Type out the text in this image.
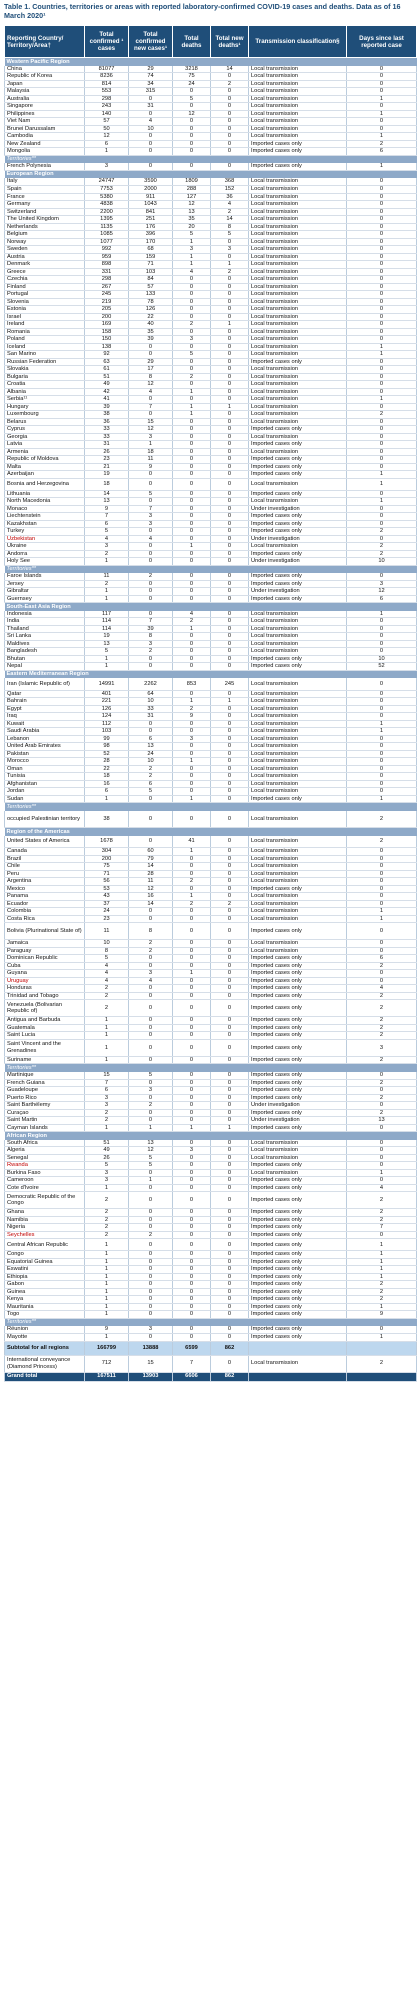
Table 1. Countries, territories or areas with reported laboratory-confirmed COVID-19 cases and deaths. Data as of 16 March 2020¹
Reporting Country/ Territory/Area†	Total confirmed ¹ cases	Total confirmed new cases¹	Total deaths	Total new deaths¹	Transmission classification§	Days since last reported case
Western Pacific Region						
China	81077	29	3218	14	Local transmission	0
Republic of Korea	8236	74	75	0	Local transmission	0
Japan	814	34	24	2	Local transmission	0
Malaysia	553	315	0	0	Local transmission	0
Australia	298	0	5	0	Local transmission	1
Singapore	243	31	0	0	Local transmission	0
Philippines	140	0	12	0	Local transmission	1
Viet Nam	57	4	0	0	Local transmission	0
Brunei Darussalam	50	10	0	0	Local transmission	0
Cambodia	12	0	0	0	Local transmission	1
New Zealand	6	0	0	0	Imported cases only	2
Mongolia	1	0	0	0	Imported cases only	6
Territories**						
French Polynesia	3	0	0	0	Imported cases only	1
European Region						
Italy	24747	3590	1809	368	Local transmission	0
Spain	7753	2000	288	152	Local transmission	0
France	5380	911	127	36	Local transmission	0
Germany	4838	1043	12	4	Local transmission	0
Switzerland	2200	841	13	2	Local transmission	0
The United Kingdom	1395	251	35	14	Local transmission	0
Netherlands	1135	176	20	8	Local transmission	0
Belgium	1085	396	5	5	Local transmission	0
Norway	1077	170	1	0	Local transmission	0
Sweden	992	68	3	3	Local transmission	0
Austria	959	159	1	0	Local transmission	0
Denmark	898	71	1	1	Local transmission	0
Greece	331	103	4	2	Local transmission	0
Czechia	298	84	0	0	Local transmission	0
Finland	267	57	0	0	Local transmission	0
Portugal	245	133	0	0	Local transmission	0
Slovenia	219	78	0	0	Local transmission	0
Estonia	205	126	0	0	Local transmission	0
Israel	200	22	0	0	Local transmission	0
Ireland	169	40	2	1	Local transmission	0
Romania	158	35	0	0	Local transmission	0
Poland	150	39	3	0	Local transmission	0
Iceland	138	0	0	0	Local transmission	1
San Marino	92	0	5	0	Local transmission	1
Russian Federation	63	29	0	0	Imported cases only	0
Slovakia	61	17	0	0	Local transmission	0
Bulgaria	51	8	2	0	Local transmission	0
Croatia	49	12	0	0	Local transmission	0
Albania	42	4	1	0	Local transmission	0
Serbia¹¹	41	0	0	0	Local transmission	1
Hungary	39	7	1	1	Local transmission	0
Luxembourg	38	0	1	0	Local transmission	2
Belarus	36	15	0	0	Local transmission	0
Cyprus	33	12	0	0	Imported cases only	0
Georgia	33	3	0	0	Local transmission	0
Latvia	31	1	0	0	Imported cases only	0
Armenia	26	18	0	0	Local transmission	0
Republic of Moldova	23	11	0	0	Imported cases only	0
Malta	21	9	0	0	Imported cases only	0
Azerbaijan	19	0	0	0	Imported cases only	1
Bosnia and Herzegovina	18	0	0	0	Local transmission	1
Lithuania	14	5	0	0	Imported cases only	0
North Macedonia	13	0	0	0	Local transmission	1
Monaco	9	7	0	0	Under investigation	0
Liechtenstein	7	3	0	0	Imported cases only	0
Kazakhstan	6	3	0	0	Imported cases only	0
Turkey	5	0	0	0	Imported cases only	2
Uzbekistan	4	4	0	0	Under investigation	0
Ukraine	3	0	1	0	Local transmission	2
Andorra	2	0	0	0	Imported cases only	2
Holy See	1	0	0	0	Under investigation	10
Territories**						
Faroe Islands	11	2	0	0	Imported cases only	0
Jersey	2	0	0	0	Imported cases only	3
Gibraltar	1	0	0	0	Under investigation	12
Guernsey	1	0	0	0	Imported cases only	6
South-East Asia Region						
Indonesia	117	0	4	0	Local transmission	1
India	114	7	2	0	Local transmission	0
Thailand	114	39	1	0	Local transmission	0
Sri Lanka	19	8	0	0	Local transmission	0
Maldives	13	3	0	0	Local transmission	0
Bangladesh	5	2	0	0	Local transmission	0
Bhutan	1	0	0	0	Imported cases only	10
Nepal	1	0	0	0	Imported cases only	52
Eastern Mediterranean Region						
Iran (Islamic Republic of)	14991	2262	853	245	Local transmission	0
Qatar	401	64	0	0	Local transmission	0
Bahrain	221	10	1	1	Local transmission	0
Egypt	126	33	2	0	Local transmission	0
Iraq	124	31	9	0	Local transmission	0
Kuwait	112	0	0	0	Local transmission	1
Saudi Arabia	103	0	0	0	Local transmission	1
Lebanon	99	6	3	0	Local transmission	0
United Arab Emirates	98	13	0	0	Local transmission	0
Pakistan	52	24	0	0	Local transmission	0
Morocco	28	10	1	0	Local transmission	0
Oman	22	2	0	0	Local transmission	0
Tunisia	18	2	0	0	Local transmission	0
Afghanistan	16	6	0	0	Local transmission	0
Jordan	6	5	0	0	Local transmission	0
Sudan	1	0	1	0	Imported cases only	1
Territories**						
occupied Palestinian territory	38	0	0	0	Local transmission	2
Region of the Americas						
United States of America	1678	0	41	0	Local transmission	2
Canada	304	60	1	0	Local transmission	0
Brazil	200	79	0	0	Local transmission	0
Chile	75	14	0	0	Local transmission	0
Peru	71	28	0	0	Local transmission	0
Argentina	56	11	2	0	Local transmission	0
Mexico	53	12	0	0	Imported cases only	0
Panama	43	16	1	0	Local transmission	0
Ecuador	37	14	2	2	Local transmission	0
Colombia	24	0	0	0	Local transmission	1
Costa Rica	23	0	0	0	Local transmission	1
Bolivia (Plurinational State of)	11	8	0	0	Imported cases only	0
Jamaica	10	2	0	0	Local transmission	0
Paraguay	8	2	0	0	Local transmission	0
Dominican Republic	5	0	0	0	Imported cases only	6
Cuba	4	0	0	0	Imported cases only	2
Guyana	4	3	1	0	Imported cases only	0
Uruguay	4	4	0	0	Imported cases only	0
Honduras	2	0	0	0	Imported cases only	4
Trinidad and Tobago	2	0	0	0	Imported cases only	2
Venezuela (Bolivarian Republic of)	2	0	0	0	Imported cases only	2
Antigua and Barbuda	1	0	0	0	Imported cases only	2
Guatemala	1	0	0	0	Imported cases only	2
Saint Lucia	1	0	0	0	Imported cases only	2
Saint Vincent and the Grenadines	1	0	0	0	Imported cases only	3
Suriname	1	0	0	0	Imported cases only	2
Territories**						
Martinique	15	5	0	0	Imported cases only	0
French Guiana	7	0	0	0	Imported cases only	2
Guadeloupe	6	3	0	0	Imported cases only	0
Puerto Rico	3	0	0	0	Imported cases only	2
Saint Barthélemy	3	2	0	0	Under investigation	0
Curaçao	2	0	0	0	Imported cases only	2
Saint Martin	2	0	0	0	Under investigation	13
Cayman Islands	1	1	1	1	Imported cases only	0
African Region						
South Africa	51	13	0	0	Local transmission	0
Algeria	49	12	3	0	Local transmission	0
Senegal	26	5	0	0	Local transmission	0
Rwanda	5	5	0	0	Imported cases only	0
Burkina Faso	3	0	0	0	Local transmission	1
Cameroon	3	1	0	0	Imported cases only	0
Cote d'Ivoire	1	0	0	0	Imported cases only	4
Democratic Republic of the Congo	2	0	0	0	Imported cases only	2
Ghana	2	0	0	0	Imported cases only	2
Namibia	2	0	0	0	Imported cases only	2
Nigeria	2	0	0	0	Imported cases only	7
Seychelles	2	2	0	0	Imported cases only	0
Central African Republic	1	0	0	0	Imported cases only	1
Congo	1	0	0	0	Imported cases only	1
Equatorial Guinea	1	0	0	0	Imported cases only	1
Eswatini	1	0	0	0	Imported cases only	1
Ethiopia	1	0	0	0	Imported cases only	1
Gabon	1	0	0	0	Imported cases only	2
Guinea	1	0	0	0	Imported cases only	2
Kenya	1	0	0	0	Imported cases only	2
Mauritania	1	0	0	0	Imported cases only	1
Togo	1	0	0	0	Imported cases only	9
Territories**						
Réunion	9	3	0	0	Imported cases only	0
Mayotte	1	0	0	0	Imported cases only	1
Subtotal for all regions	166799	13888	6599	862		
International conveyance (Diamond Princess)	712	15	7	0	Local transmission	2
Grand total	167511	13903	6606	862		
